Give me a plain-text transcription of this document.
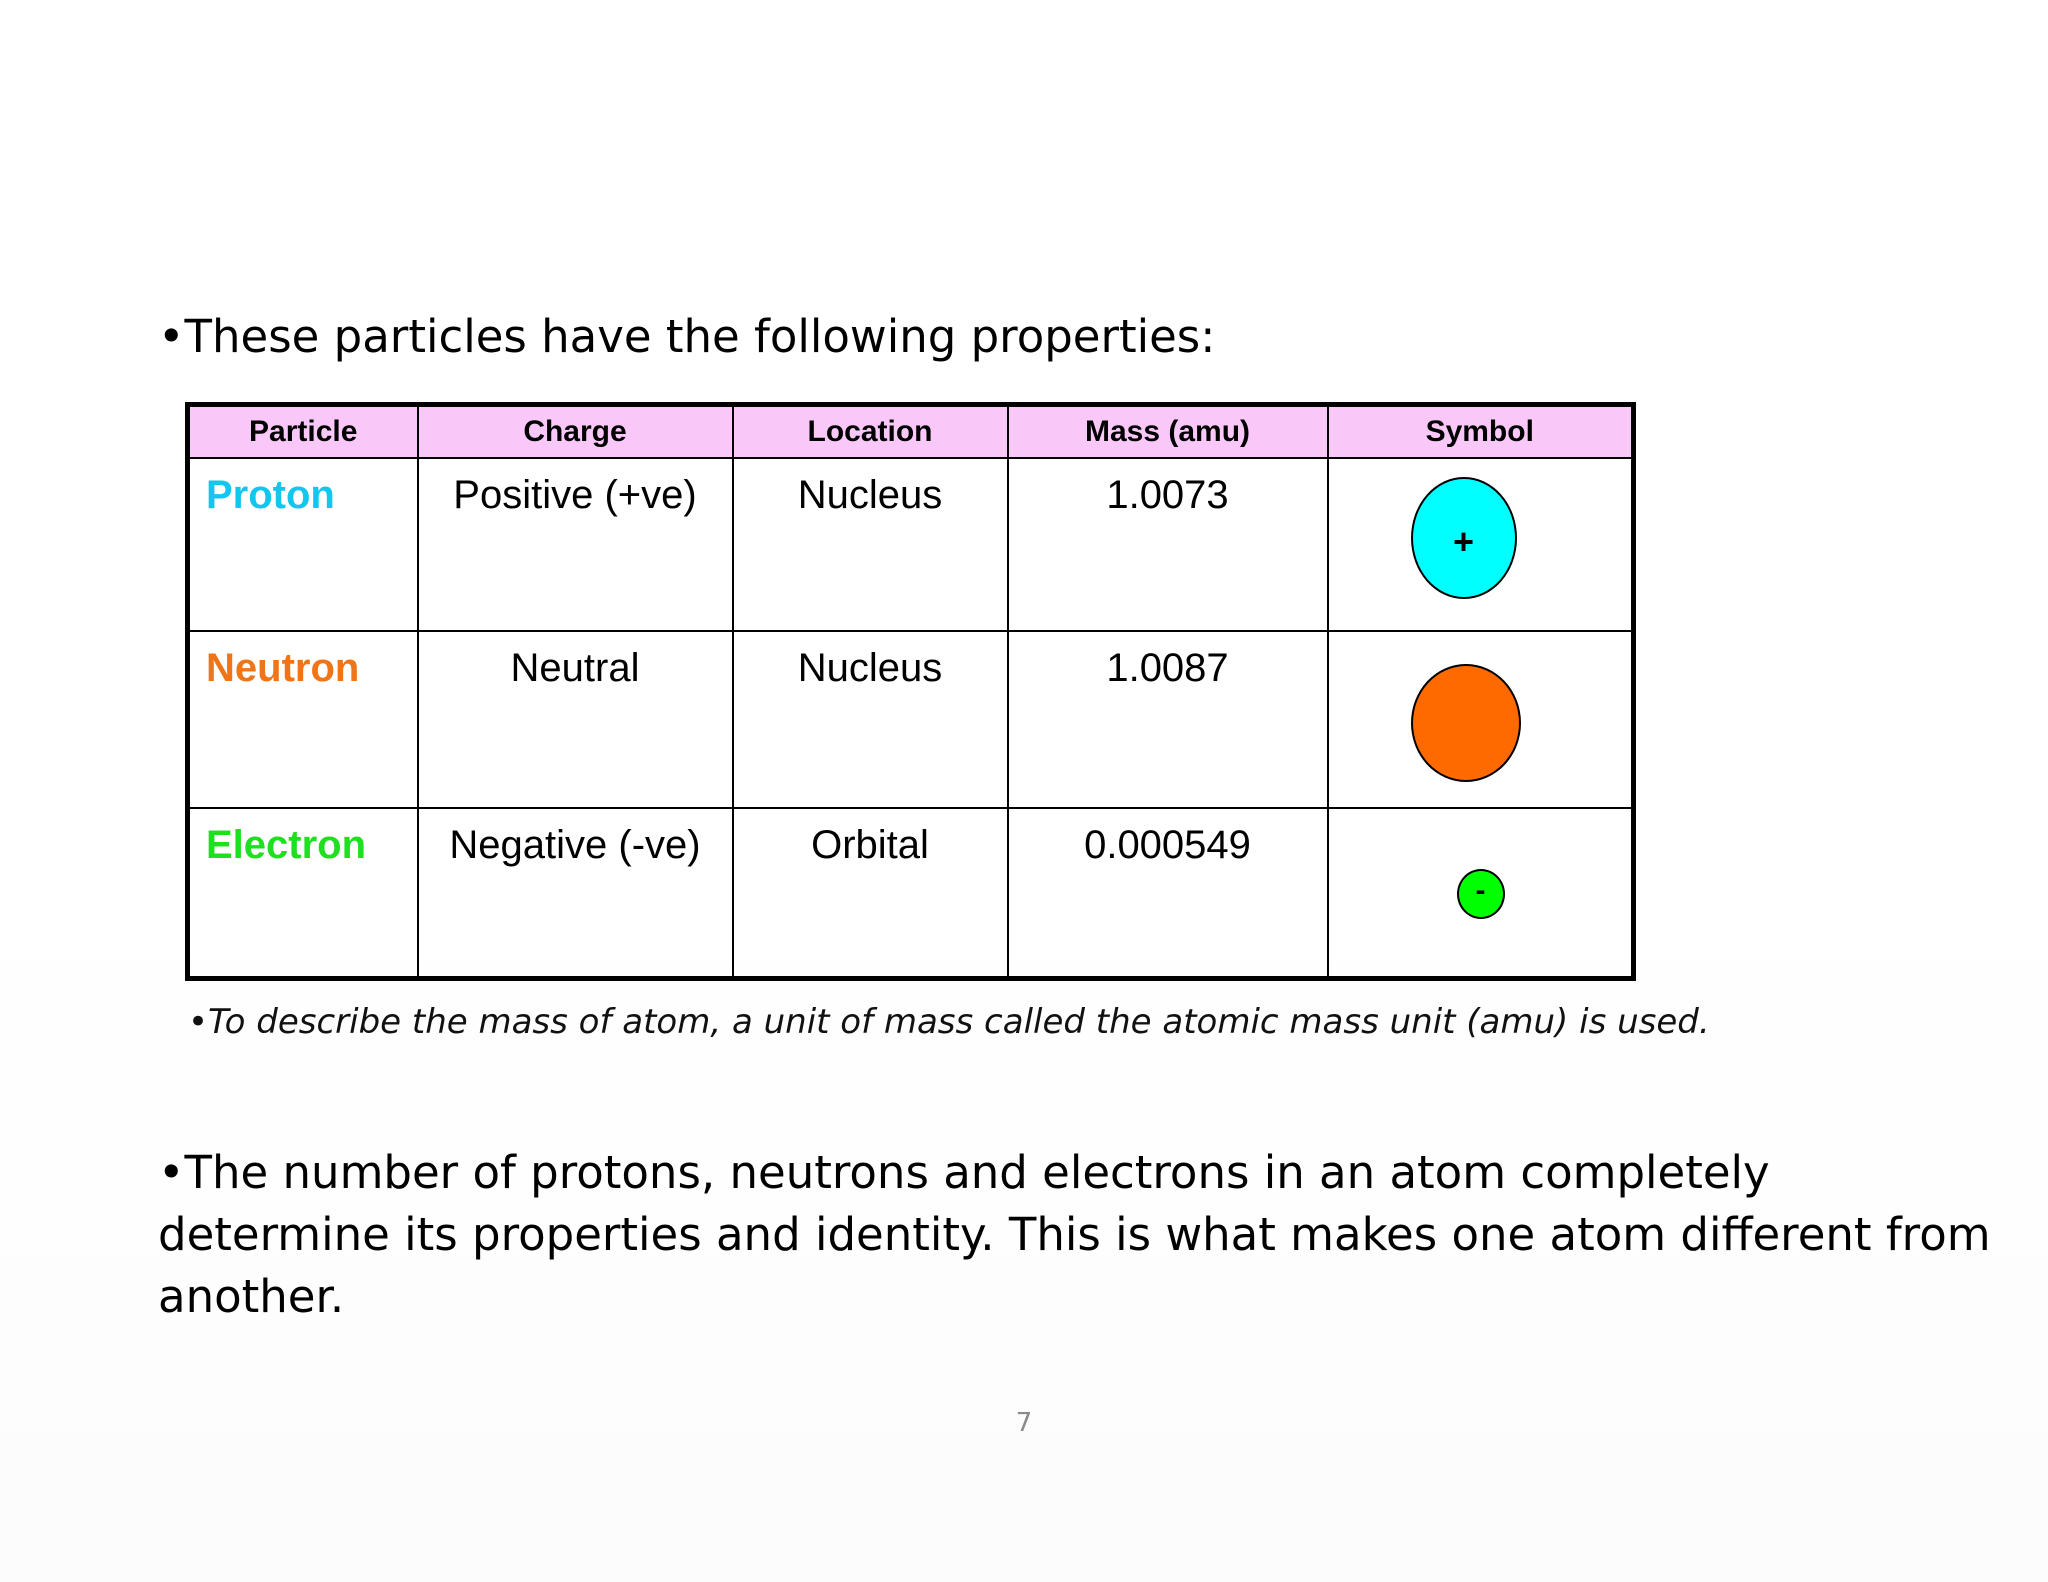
•These particles have the following properties:
Particle	Charge	Location	Mass (amu)	Symbol
Proton	Positive (+ve)	Nucleus	1.0073	+

Neutron	Neutral	Nucleus	1.0087	

Electron	Negative (-ve)	Orbital	0.000549	-
•To describe the mass of atom, a unit of mass called the atomic mass unit (amu) is used.
•The number of protons, neutrons and electrons in an atom completely determine its properties and identity. This is what makes one atom different from another.
7
